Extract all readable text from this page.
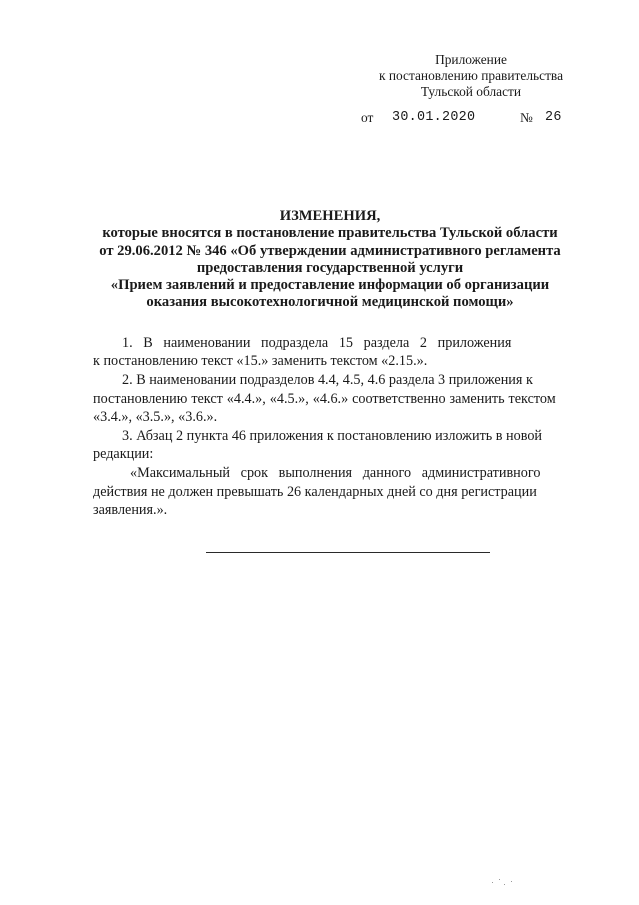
Приложение
к постановлению правительства
Тульской области
от 30.01.2020	№ 26
ИЗМЕНЕНИЯ,
которые вносятся в постановление правительства Тульской области
от 29.06.2012 № 346 «Об утверждении административного регламента
предоставления государственной услуги
«Прием заявлений и предоставление информации об организации
оказания высокотехнологичной медицинской помощи»
1.   В   наименовании   подраздела   15   раздела   2   приложения
к постановлению текст «15.» заменить текстом «2.15.».
2. В наименовании подразделов 4.4, 4.5, 4.6 раздела 3 приложения к
постановлению текст «4.4.», «4.5.», «4.6.» соответственно заменить текстом
«3.4.», «3.5.», «3.6.».
3. Абзац 2 пункта 46 приложения к постановлению изложить в новой
редакции:
«Максимальный   срок   выполнения   данного   административного
действия не должен превышать 26 календарных дней со дня регистрации
заявления.».
